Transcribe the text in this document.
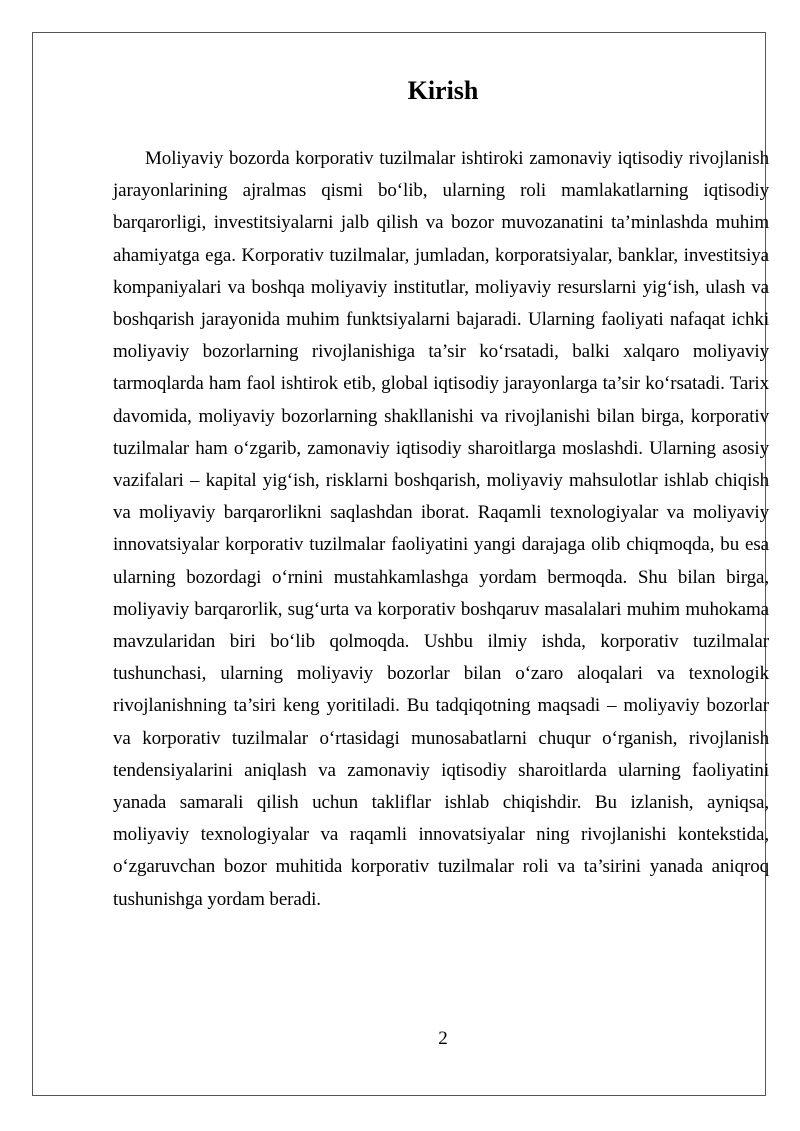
Kirish

Moliyaviy bozorda korporativ tuzilmalar ishtiroki zamonaviy iqtisodiy rivojlanish jarayonlarining ajralmas qismi bo‘lib, ularning roli mamlakatlarning iqtisodiy barqarorligi, investitsiyalarni jalb qilish va bozor muvozanatini ta’minlashda muhim ahamiyatga ega. Korporativ tuzilmalar, jumladan, korporatsiyalar, banklar, investitsiya kompaniyalari va boshqa moliyaviy institutlar, moliyaviy resurslarni yig‘ish, ulash va boshqarish jarayonida muhim funktsiyalarni bajaradi. Ularning faoliyati nafaqat ichki moliyaviy bozorlarning rivojlanishiga ta’sir ko‘rsatadi, balki xalqaro moliyaviy tarmoqlarda ham faol ishtirok etib, global iqtisodiy jarayonlarga ta’sir ko‘rsatadi. Tarix davomida, moliyaviy bozorlarning shakllanishi va rivojlanishi bilan birga, korporativ tuzilmalar ham o‘zgarib, zamonaviy iqtisodiy sharoitlarga moslashdi. Ularning asosiy vazifalari – kapital yig‘ish, risklarni boshqarish, moliyaviy mahsulotlar ishlab chiqish va moliyaviy barqarorlikni saqlashdan iborat. Raqamli texnologiyalar va moliyaviy innovatsiyalar korporativ tuzilmalar faoliyatini yangi darajaga olib chiqmoqda, bu esa ularning bozordagi o‘rnini mustahkamlashga yordam bermoqda. Shu bilan birga, moliyaviy barqarorlik, sug‘urta va korporativ boshqaruv masalalari muhim muhokama mavzularidan biri bo‘lib qolmoqda. Ushbu ilmiy ishda, korporativ tuzilmalar tushunchasi, ularning moliyaviy bozorlar bilan o‘zaro aloqalari va texnologik rivojlanishning ta’siri keng yoritiladi. Bu tadqiqotning maqsadi – moliyaviy bozorlar va korporativ tuzilmalar o‘rtasidagi munosabatlarni chuqur o‘rganish, rivojlanish tendensiyalarini aniqlash va zamonaviy iqtisodiy sharoitlarda ularning faoliyatini yanada samarali qilish uchun takliflar ishlab chiqishdir. Bu izlanish, ayniqsa, moliyaviy texnologiyalar va raqamli innovatsiyalar ning rivojlanishi kontekstida, o‘zgaruvchan bozor muhitida korporativ tuzilmalar roli va ta’sirini yanada aniqroq tushunishga yordam beradi.

2
